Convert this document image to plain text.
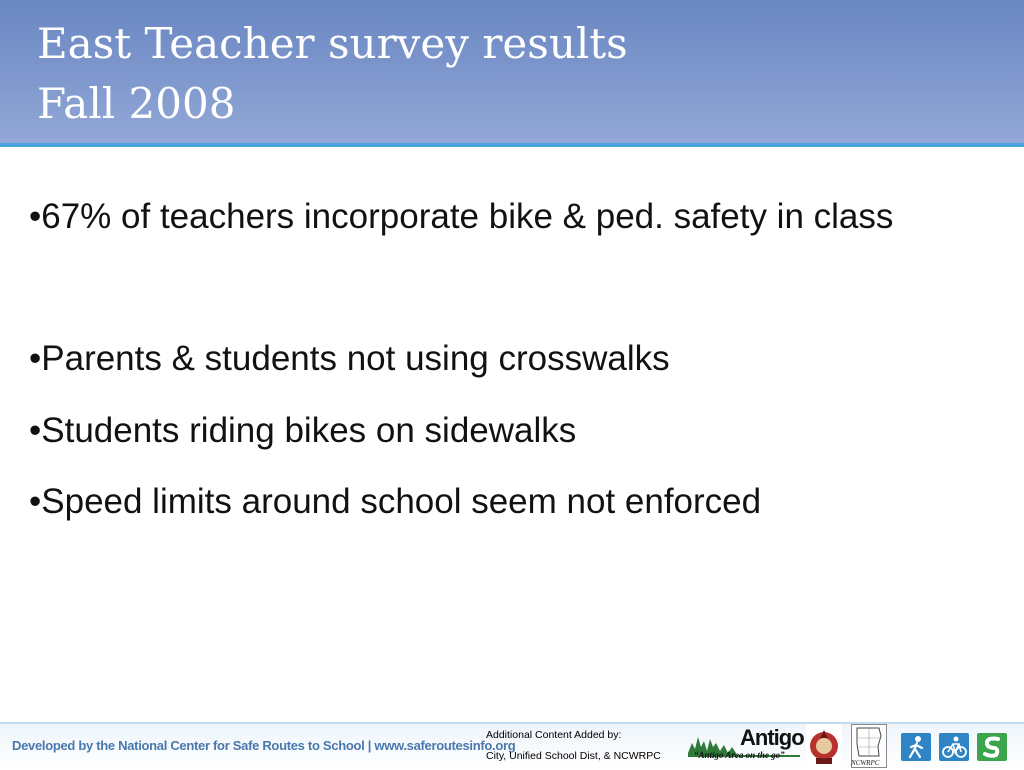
East Teacher survey results
Fall 2008
•67% of teachers incorporate bike & ped. safety in class
•Parents & students not using crosswalks
•Students riding bikes on sidewalks
•Speed limits around school seem not enforced
Developed by the National Center for Safe Routes to School | www.saferoutesinfo.org
Additional Content Added by:
City, Unified School Dist, & NCWRPC
Antigo
“Antigo Area on the go”
NCWRPC
